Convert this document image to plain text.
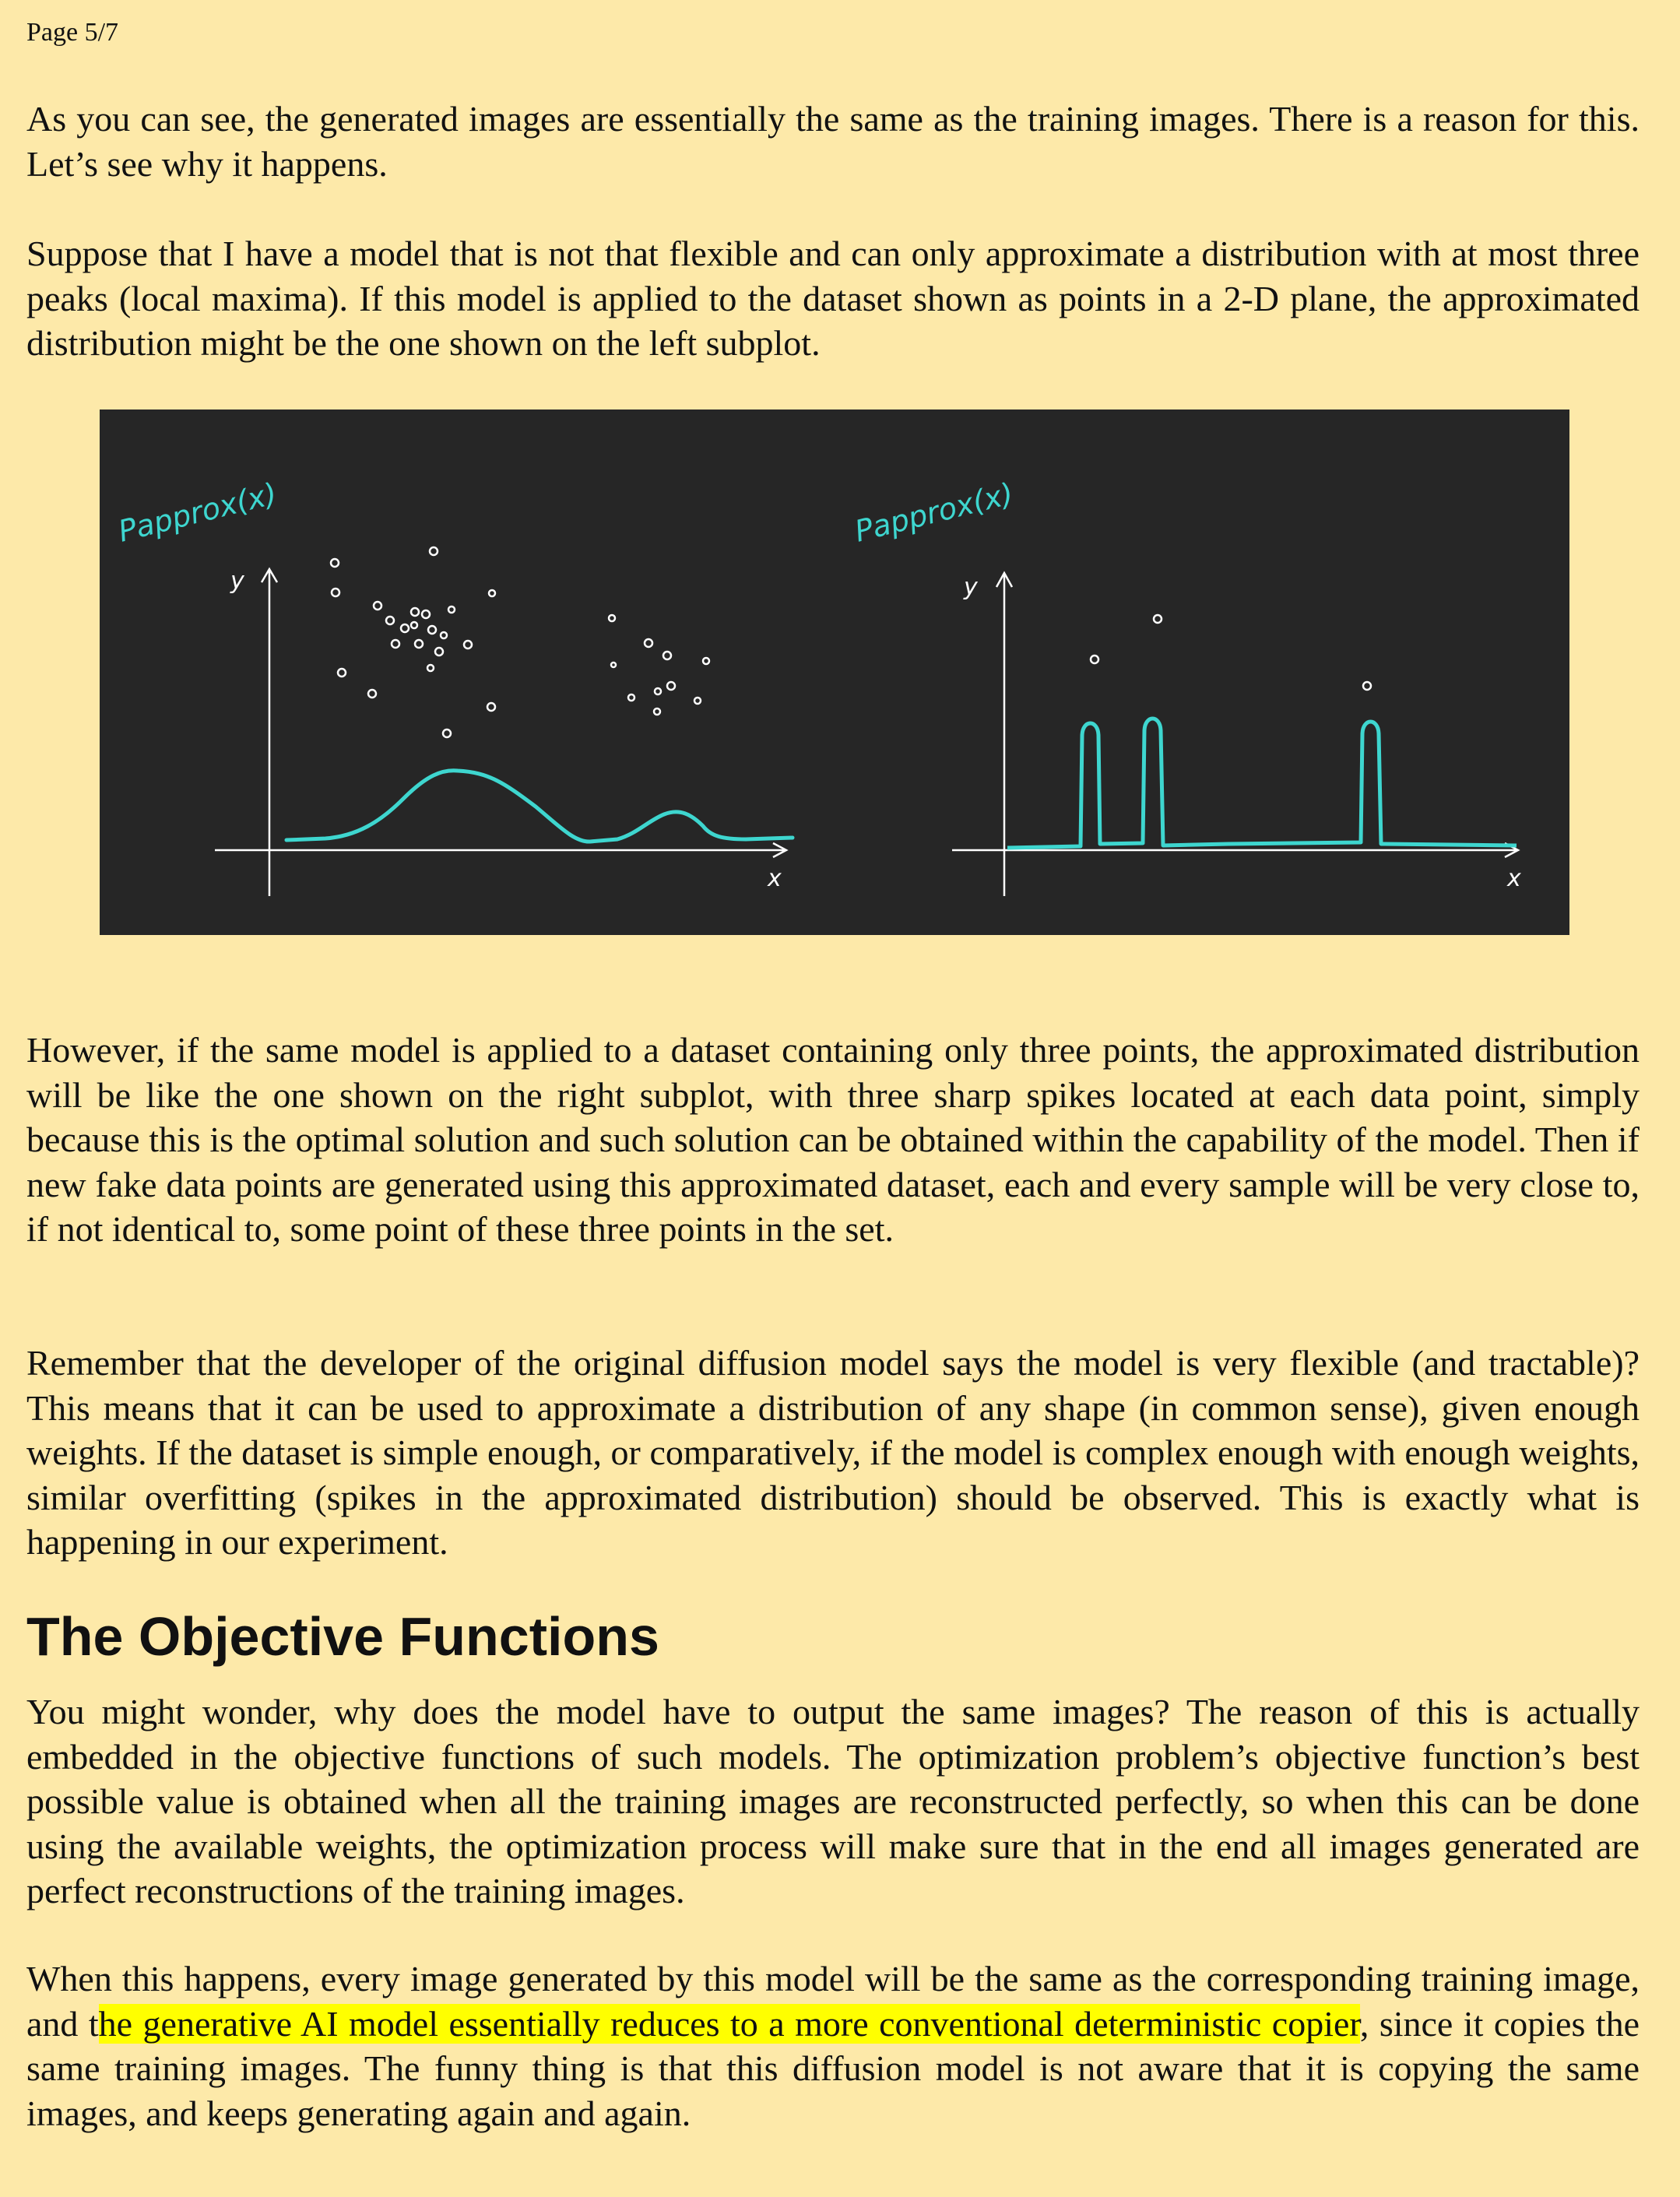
Page 5/7

As you can see, the generated images are essentially the same as the training images. There is a reason for this. Let’s see why it happens.

Suppose that I have a model that is not that flexible and can only approximate a distribution with at most three peaks (local maxima). If this model is applied to the dataset shown as points in a 2-D plane, the approximated distribution might be the one shown on the left subplot.

Papprox(x)
y
x
Papprox(x)
y
x

However, if the same model is applied to a dataset containing only three points, the approximated distribution will be like the one shown on the right subplot, with three sharp spikes located at each data point, simply because this is the optimal solution and such solution can be obtained within the capability of the model. Then if new fake data points are generated using this approximated dataset, each and every sample will be very close to, if not identical to, some point of these three points in the set.

Remember that the developer of the original diffusion model says the model is very flexible (and tractable)? This means that it can be used to approximate a distribution of any shape (in common sense), given enough weights. If the dataset is simple enough, or comparatively, if the model is complex enough with enough weights, similar overfitting (spikes in the approximated distribution) should be observed. This is exactly what is happening in our experiment.

The Objective Functions

You might wonder, why does the model have to output the same images? The reason of this is actually embedded in the objective functions of such models. The optimization problem’s objective function’s best possible value is obtained when all the training images are reconstructed perfectly, so when this can be done using the available weights, the optimization process will make sure that in the end all images generated are perfect reconstructions of the training images.

When this happens, every image generated by this model will be the same as the corresponding training image, and the generative AI model essentially reduces to a more conventional deterministic copier, since it copies the same training images. The funny thing is that this diffusion model is not aware that it is copying the same images, and keeps generating again and again.
